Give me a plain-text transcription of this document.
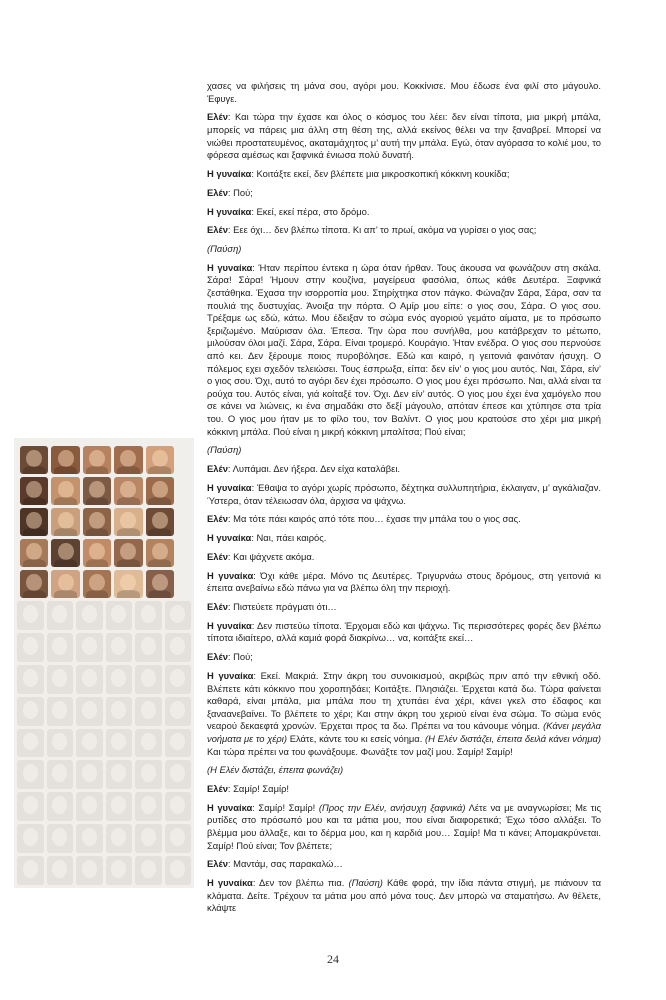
χασες να φιλήσεις τη μάνα σου, αγόρι μου. Κοκκίνισε. Μου έδωσε ένα φιλί στο μάγουλο. Έφυγε.

Ελέν: Και τώρα την έχασε και όλος ο κόσμος του λέει: δεν είναι τίποτα, μια μικρή μπάλα, μπορείς να πάρεις μια άλλη στη θέση της, αλλά εκείνος θέλει να την ξαναβρεί. Μπορεί να νιώθει προστατευμένος, ακαταμάχητος μ’ αυτή την μπάλα. Εγώ, όταν αγόρασα το κολιέ μου, το φόρεσα αμέσως και ξαφνικά ένιωσα πολύ δυνατή.

Η γυναίκα: Κοιτάξτε εκεί, δεν βλέπετε μια μικροσκοπική κόκκινη κουκίδα;

Ελέν: Πού;

Η γυναίκα: Εκεί, εκεί πέρα, στο δρόμο.

Ελέν: Εεε όχι… δεν βλέπω τίποτα. Κι απ’ το πρωί, ακόμα να γυρίσει ο γιος σας;

(Παύση)

Η γυναίκα: Ήταν περίπου έντεκα η ώρα όταν ήρθαν. Τους άκουσα να φωνάζουν στη σκάλα. Σάρα! Σάρα! Ήμουν στην κουζίνα, μαγείρευα φασόλια, όπως κάθε Δευτέρα. Ξαφνικά ζεστάθηκα. Έχασα την ισορροπία μου. Στηρίχτηκα στον πάγκο. Φώναζαν Σάρα, Σάρα, σαν τα πουλιά της δυστυχίας. Άνοιξα την πόρτα. Ο Αμίρ μου είπε: ο γιος σου, Σάρα. Ο γιος σου. Τρέξαμε ως εδώ, κάτω. Μου έδειξαν το σώμα ενός αγοριού γεμάτο αίματα, με το πρόσωπο ξεριζωμένο. Μαύρισαν όλα. Έπεσα. Την ώρα που συνήλθα, μου κατάβρεχαν το μέτωπο, μιλούσαν όλοι μαζί. Σάρα, Σάρα. Είναι τρομερό. Κουράγιο. Ήταν ενέδρα. Ο γιος σου περνούσε από κει. Δεν ξέρουμε ποιος πυροβόλησε. Εδώ και καιρό, η γειτονιά φαινόταν ήσυχη. Ο πόλεμος εχει σχεδόν τελειώσει. Τους έσπρωξα, είπα: δεν είν’ ο γιος μου αυτός. Ναι, Σάρα, είν’ ο γιος σου. Όχι, αυτό το αγόρι δεν έχει πρόσωπο. Ο γιος μου έχει πρόσωπο. Ναι, αλλά είναι τα ρούχα του. Αυτός είναι, γιά κοίταξέ τον. Όχι. Δεν είν’ αυτός. Ο γιος μου έχει ένα χαμόγελο που σε κάνει να λιώνεις, κι ένα σημαδάκι στο δεξί μάγουλο, απόταν έπεσε και χτύπησε στα τρία του. Ο γιος μου ήταν με το φίλο του, τον Βαλίντ. Ο γιος μου κρατούσε στο χέρι μια μικρή κόκκινη μπάλα. Πού είναι η μικρή κόκκινη μπαλίτσα; Πού είναι;

(Παύση)

Ελέν: Λυπάμαι. Δεν ήξερα. Δεν είχα καταλάβει.

Η γυναίκα: Έθαψα το αγόρι χωρίς πρόσωπο, δέχτηκα συλλυπητήρια, έκλαιγαν, μ’ αγκάλιαζαν. Ύστερα, όταν τέλειωσαν όλα, άρχισα να ψάχνω.

Ελέν: Μα τότε πάει καιρός από τότε που… έχασε την μπάλα του ο γιος σας.

Η γυναίκα: Ναι, πάει καιρός.

Ελέν: Και ψάχνετε ακόμα.

Η γυναίκα: Όχι κάθε μέρα. Μόνο τις Δευτέρες. Τριγυρνάω στους δρόμους, στη γειτονιά κι έπειτα ανεβαίνω εδώ πάνω για να βλέπω όλη την περιοχή.

Ελέν: Πιστεύετε πράγματι ότι…

Η γυναίκα: Δεν πιστεύω τίποτα. Έρχομαι εδώ και ψάχνω. Τις περισσότερες φορές δεν βλέπω τίποτα ιδιαίτερο, αλλά καμιά φορά διακρίνω… να, κοιτάξτε εκεί…

Ελέν: Πού;

Η γυναίκα: Εκεί. Μακριά. Στην άκρη του συνοικισμού, ακριβώς πριν από την εθνική οδό. Βλέπετε κάτι κόκκινο που χοροπηδάει; Κοιτάξτε. Πλησιάζει. Έρχεται κατά δω. Τώρα φαίνεται καθαρά, είναι μπάλα, μια μπάλα που τη χτυπάει ένα χέρι, κάνει γκελ στο έδαφος και ξαναανεβαίνει. Το βλέπετε το χέρι; Και στην άκρη του χεριού είναι ένα σώμα. Το σώμα ενός νεαρού δεκαεφτά χρονών. Έρχεται προς τα δω. Πρέπει να του κάνουμε νόημα. (Κάνει μεγάλα νοήματα με το χέρι) Ελάτε, κάντε του κι εσείς νόημα. (Η Ελέν διστάζει, έπειτα δειλά κάνει νόημα) Και τώρα πρέπει να του φωνάξουμε. Φωνάξτε τον μαζί μου. Σαμίρ! Σαμίρ!

(Η Ελέν διστάζει, έπειτα φωνάζει)

Ελέν: Σαμίρ! Σαμίρ!

Η γυναίκα: Σαμίρ! Σαμίρ! (Προς την Ελέν, ανήσυχη ξαφνικά) Λέτε να με αναγνωρίσει; Με τις ρυτίδες στο πρόσωπό μου και τα μάτια μου, που είναι διαφορετικά; Έχω τόσο αλλάξει. Το βλέμμα μου άλλαξε, και το δέρμα μου, και η καρδιά μου… Σαμίρ! Μα τι κάνει; Απομακρύνεται. Σαμίρ! Πού είναι; Τον βλέπετε;

Ελέν: Μαντάμ, σας παρακαλώ…

Η γυναίκα: Δεν τον βλέπω πια. (Παύση) Κάθε φορά, την ίδια πάντα στιγμή, με πιάνουν τα κλάματα. Δείτε. Τρέχουν τα μάτια μου από μόνα τους. Δεν μπορώ να σταματήσω. Αν θέλετε, κλάψτε

24
